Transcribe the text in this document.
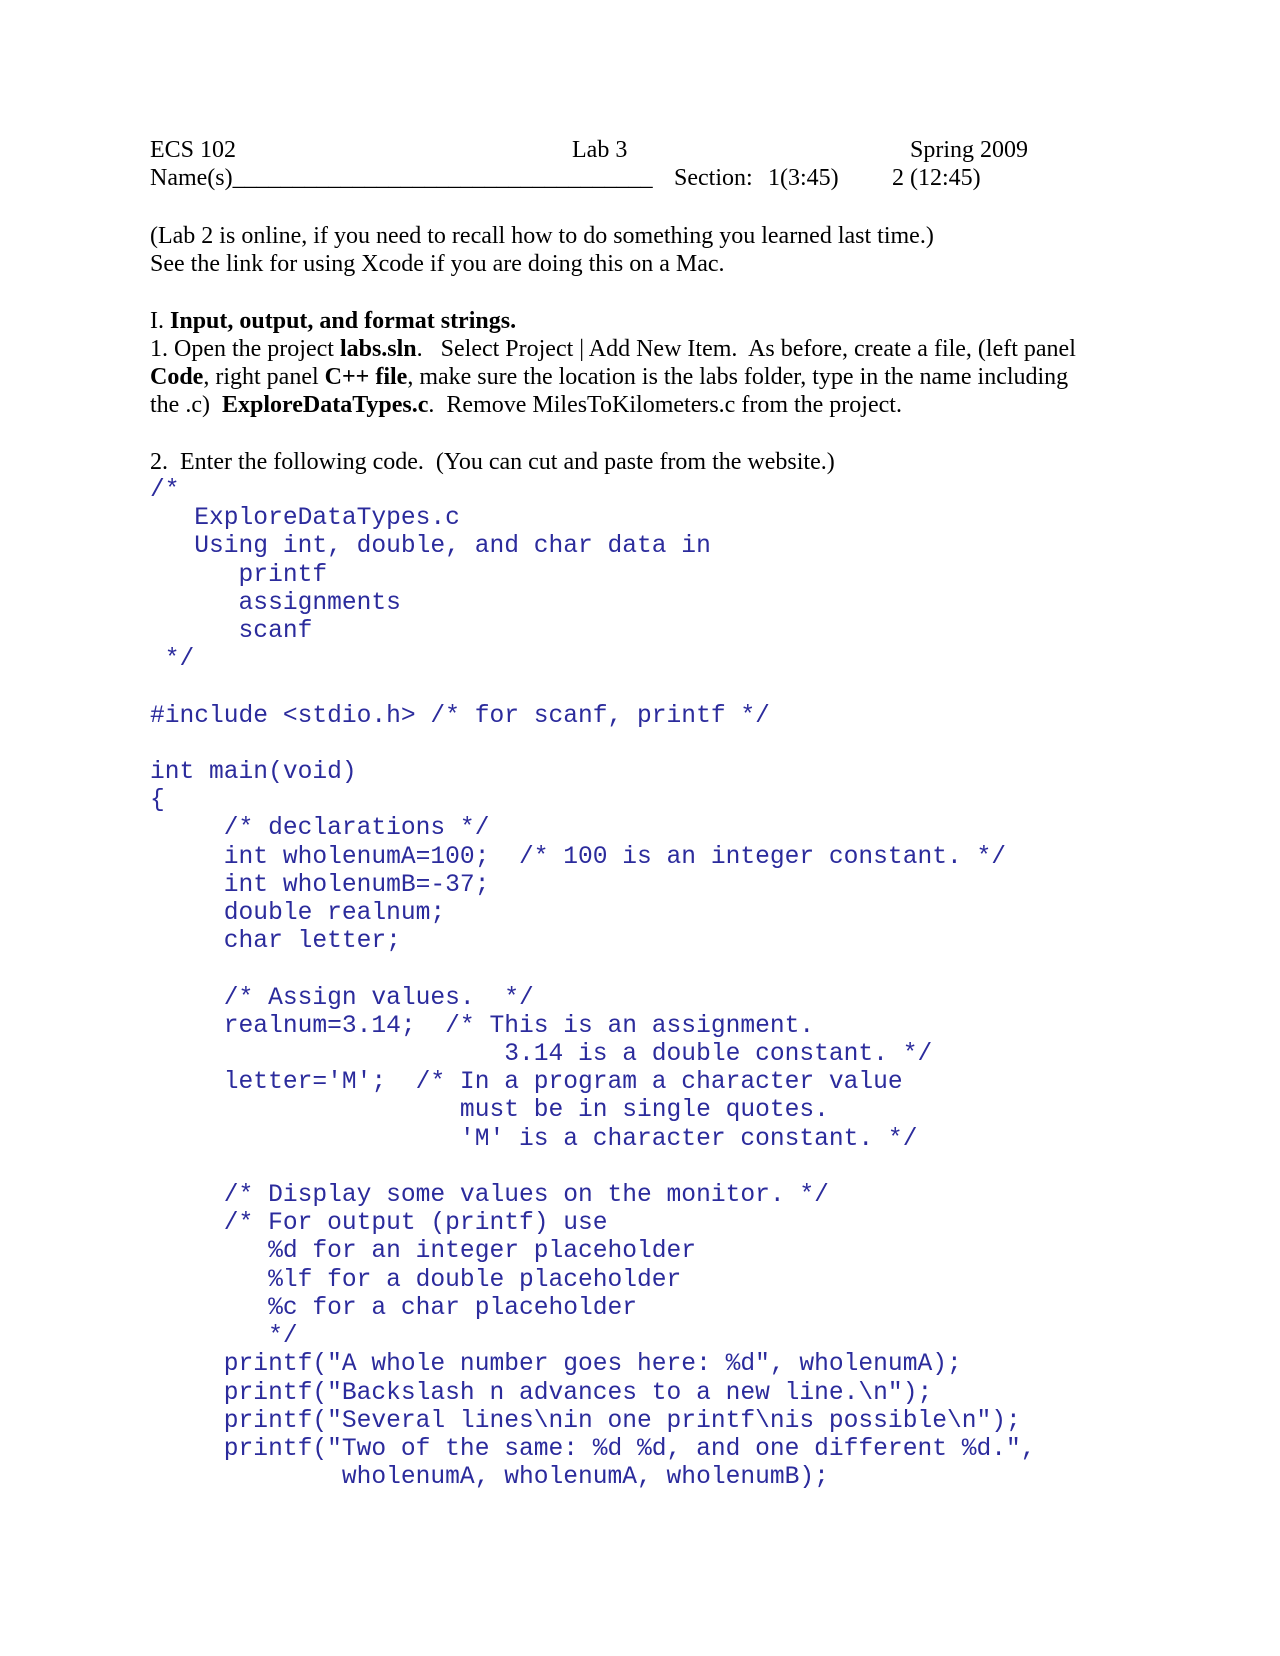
ECS 102	Lab 3	Spring 2009
Name(s)___________________________________ Section: 1(3:45) 2 (12:45)
(Lab 2 is online, if you need to recall how to do something you learned last time.)
See the link for using Xcode if you are doing this on a Mac.
I. Input, output, and format strings.
1. Open the project labs.sln.   Select Project | Add New Item.  As before, create a file, (left panel
Code, right panel C++ file, make sure the location is the labs folder, type in the name including
the .c)  ExploreDataTypes.c.  Remove MilesToKilometers.c from the project.
2.  Enter the following code.  (You can cut and paste from the website.)
/*
ExploreDataTypes.c
Using int, double, and char data in
printf
assignments
scanf
*/

#include <stdio.h> /* for scanf, printf */

int main(void)
{
/* declarations */
int wholenumA=100;  /* 100 is an integer constant. */
int wholenumB=-37;
double realnum;
char letter;

/* Assign values.  */
realnum=3.14;  /* This is an assignment.
3.14 is a double constant. */
letter='M';  /* In a program a character value
must be in single quotes.
'M' is a character constant. */

/* Display some values on the monitor. */
/* For output (printf) use
%d for an integer placeholder
%lf for a double placeholder
%c for a char placeholder
*/
printf("A whole number goes here: %d", wholenumA);
printf("Backslash n advances to a new line.\n");
printf("Several lines\nin one printf\nis possible\n");
printf("Two of the same: %d %d, and one different %d.",
wholenumA, wholenumA, wholenumB);
